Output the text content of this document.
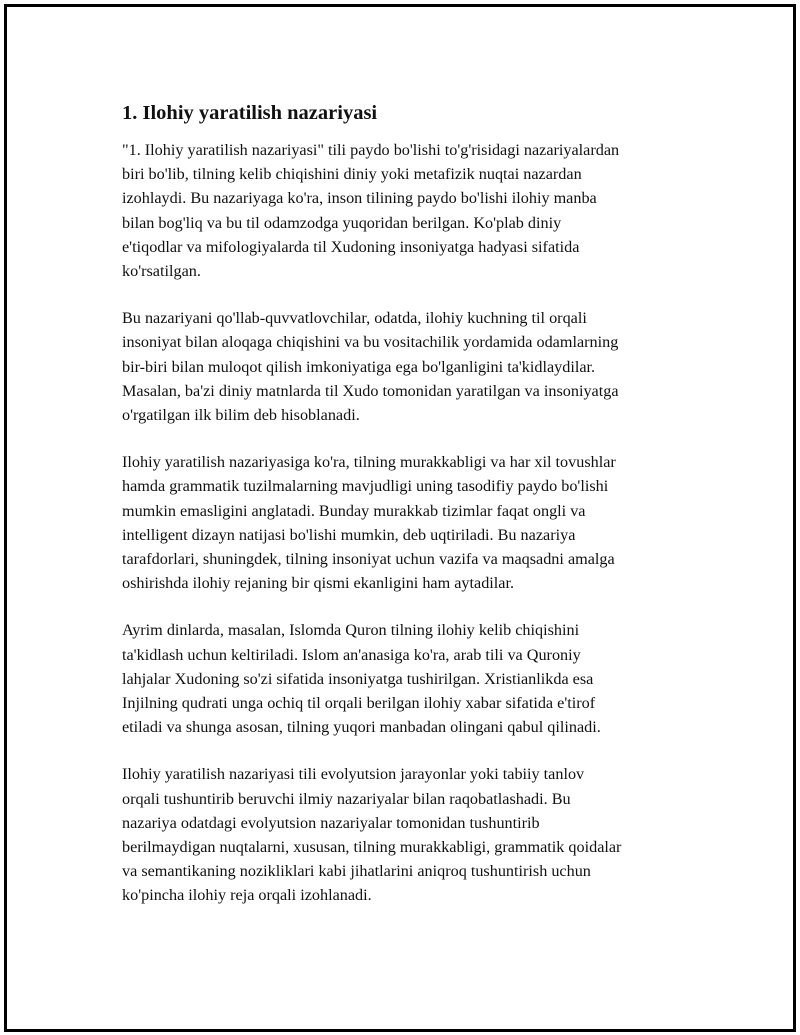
1. Ilohiy yaratilish nazariyasi

"1. Ilohiy yaratilish nazariyasi" tili paydo bo'lishi to'g'risidagi nazariyalardan
biri bo'lib, tilning kelib chiqishini diniy yoki metafizik nuqtai nazardan
izohlaydi. Bu nazariyaga ko'ra, inson tilining paydo bo'lishi ilohiy manba
bilan bog'liq va bu til odamzodga yuqoridan berilgan. Ko'plab diniy
e'tiqodlar va mifologiyalarda til Xudoning insoniyatga hadyasi sifatida
ko'rsatilgan.

Bu nazariyani qo'llab-quvvatlovchilar, odatda, ilohiy kuchning til orqali
insoniyat bilan aloqaga chiqishini va bu vositachilik yordamida odamlarning
bir-biri bilan muloqot qilish imkoniyatiga ega bo'lganligini ta'kidlaydilar.
Masalan, ba'zi diniy matnlarda til Xudo tomonidan yaratilgan va insoniyatga
o'rgatilgan ilk bilim deb hisoblanadi.

Ilohiy yaratilish nazariyasiga ko'ra, tilning murakkabligi va har xil tovushlar
hamda grammatik tuzilmalarning mavjudligi uning tasodifiy paydo bo'lishi
mumkin emasligini anglatadi. Bunday murakkab tizimlar faqat ongli va
intelligent dizayn natijasi bo'lishi mumkin, deb uqtiriladi. Bu nazariya
tarafdorlari, shuningdek, tilning insoniyat uchun vazifa va maqsadni amalga
oshirishda ilohiy rejaning bir qismi ekanligini ham aytadilar.

Ayrim dinlarda, masalan, Islomda Quron tilning ilohiy kelib chiqishini
ta'kidlash uchun keltiriladi. Islom an'anasiga ko'ra, arab tili va Quroniy
lahjalar Xudoning so'zi sifatida insoniyatga tushirilgan. Xristianlikda esa
Injilning qudrati unga ochiq til orqali berilgan ilohiy xabar sifatida e'tirof
etiladi va shunga asosan, tilning yuqori manbadan olingani qabul qilinadi.

Ilohiy yaratilish nazariyasi tili evolyutsion jarayonlar yoki tabiiy tanlov
orqali tushuntirib beruvchi ilmiy nazariyalar bilan raqobatlashadi. Bu
nazariya odatdagi evolyutsion nazariyalar tomonidan tushuntirib
berilmaydigan nuqtalarni, xususan, tilning murakkabligi, grammatik qoidalar
va semantikaning nozikliklari kabi jihatlarini aniqroq tushuntirish uchun
ko'pincha ilohiy reja orqali izohlanadi.
